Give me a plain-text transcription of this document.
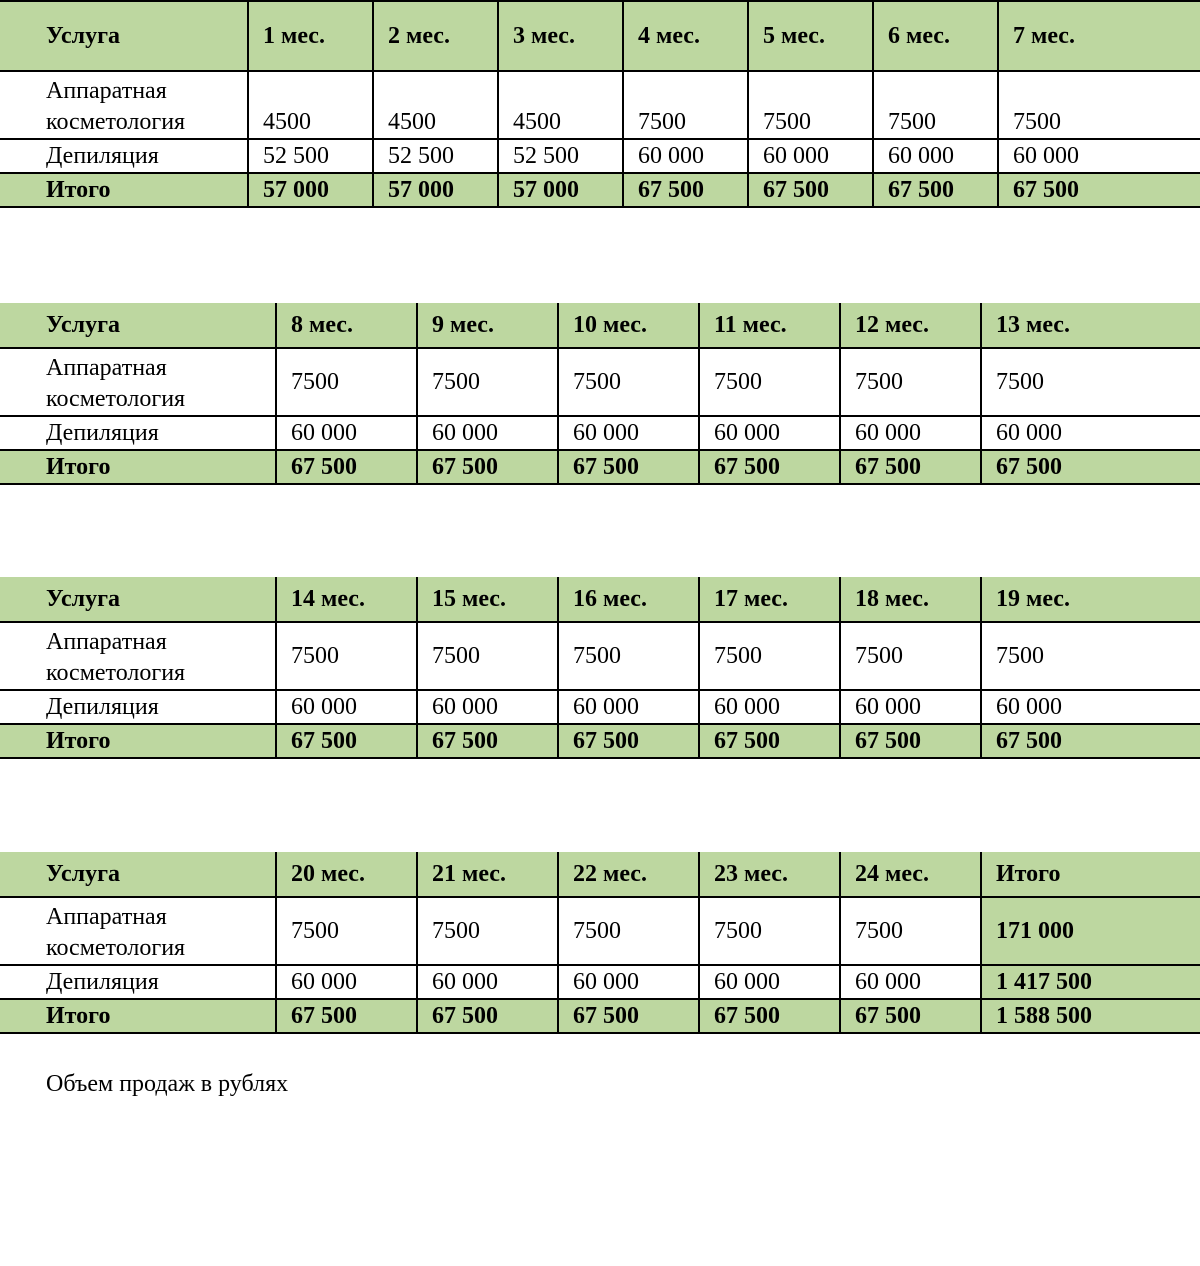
Услуга	1 мес.	2 мес.	3 мес.	4 мес.	5 мес.	6 мес.	7 мес.

Аппаратная
косметология	4500	4500	4500	7500	7500	7500	7500
Депиляция	52 500	52 500	52 500	60 000	60 000	60 000	60 000
Итого	57 000	57 000	57 000	67 500	67 500	67 500	67 500
Услуга	8 мес.	9 мес.	10 мес.	11 мес.	12 мес.	13 мес.

Аппаратная
косметология	7500	7500	7500	7500	7500	7500
Депиляция	60 000	60 000	60 000	60 000	60 000	60 000
Итого	67 500	67 500	67 500	67 500	67 500	67 500
Услуга	14 мес.	15 мес.	16 мес.	17 мес.	18 мес.	19 мес.

Аппаратная
косметология	7500	7500	7500	7500	7500	7500
Депиляция	60 000	60 000	60 000	60 000	60 000	60 000
Итого	67 500	67 500	67 500	67 500	67 500	67 500
Услуга	20 мес.	21 мес.	22 мес.	23 мес.	24 мес.	Итого

Аппаратная
косметология	7500	7500	7500	7500	7500	171 000
Депиляция	60 000	60 000	60 000	60 000	60 000	1 417 500
Итого	67 500	67 500	67 500	67 500	67 500	1 588 500
Объем продаж в рублях
